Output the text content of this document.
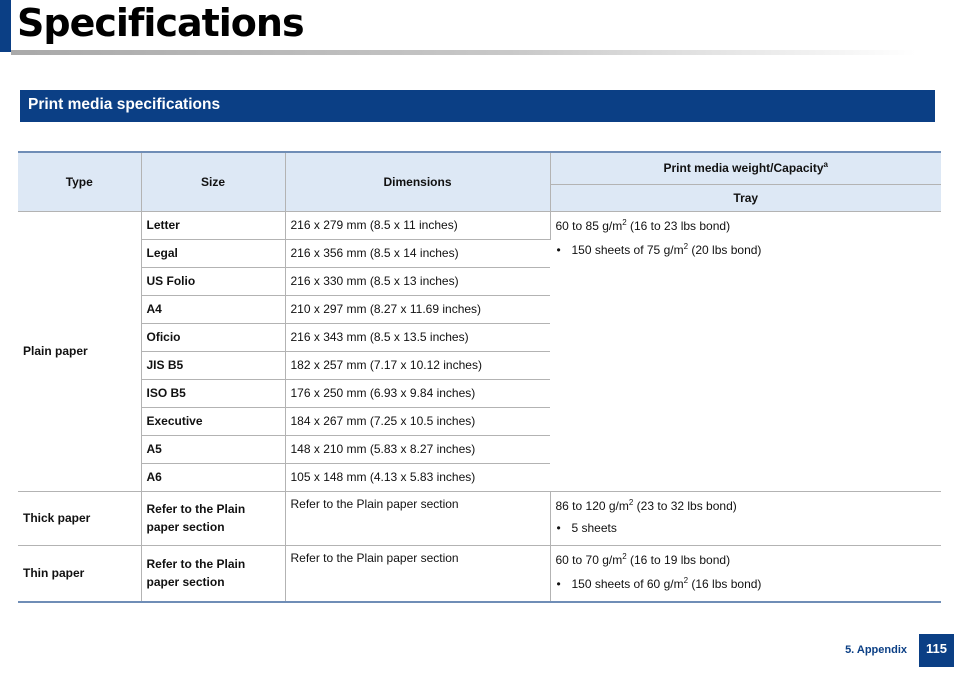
Specifications
Print media specifications
Type	Size	Dimensions	Print media weight/Capacity$^a$
			Tray
Plain paper	Letter	216 x 279 mm (8.5 x 11 inches)	60 to 85 $g/m^2$ (16 to 23 lbs bond)
• 150 sheets of 75 $g/m^2$ (20 lbs bond)

	Legal	216 x 356 mm (8.5 x 14 inches)	
	US Folio	216 x 330 mm (8.5 x 13 inches)	
	A4	210 x 297 mm (8.27 x 11.69 inches)	
	Oficio	216 x 343 mm (8.5 x 13.5 inches)	
	JIS B5	182 x 257 mm (7.17 x 10.12 inches)	
	ISO B5	176 x 250 mm (6.93 x 9.84 inches)	
	Executive	184 x 267 mm (7.25 x 10.5 inches)	
	A5	148 x 210 mm (5.83 x 8.27 inches)	
	A6	105 x 148 mm (4.13 x 5.83 inches)	
Thick paper	Refer to the Plain paper section	Refer to the Plain paper section	86 to 120 $g/m^2$ (23 to 32 lbs bond)
• 5 sheets

Thin paper	Refer to the Plain paper section	Refer to the Plain paper section	60 to 70 $g/m^2$ (16 to 19 lbs bond)
• 150 sheets of 60 $g/m^2$ (16 lbs bond)
5. Appendix	115
